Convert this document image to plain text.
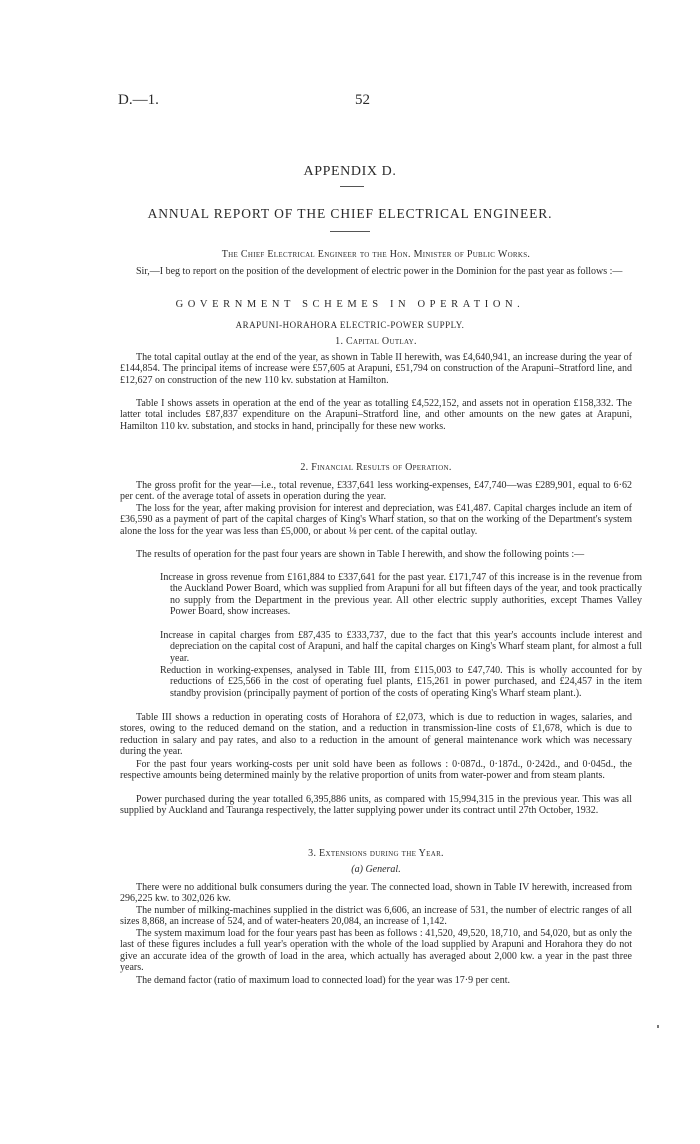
D.—1.	52
APPENDIX D.
ANNUAL REPORT OF THE CHIEF ELECTRICAL ENGINEER.

The Chief Electrical Engineer to the Hon. Minister of Public Works.

Sir,—I beg to report on the position of the development of electric power in the Dominion for the past year as follows :—

GOVERNMENT SCHEMES IN OPERATION.
ARAPUNI-HORAHORA ELECTRIC-POWER SUPPLY.

1. Capital Outlay.

The total capital outlay at the end of the year, as shown in Table II herewith, was £4,640,941, an increase during the year of £144,854. The principal items of increase were £57,605 at Arapuni, £51,794 on construction of the Arapuni–Stratford line, and £12,627 on construction of the new 110 kv. substation at Hamilton.

Table I shows assets in operation at the end of the year as totalling £4,522,152, and assets not in operation £158,332. The latter total includes £87,837 expenditure on the Arapuni–Stratford line, and other amounts on the new gates at Arapuni, Hamilton 110 kv. substation, and stocks in hand, principally for these new works.

2. Financial Results of Operation.

The gross profit for the year—i.e., total revenue, £337,641 less working-expenses, £47,740—was £289,901, equal to 6·62 per cent. of the average total of assets in operation during the year.

The loss for the year, after making provision for interest and depreciation, was £41,487. Capital charges include an item of £36,590 as a payment of part of the capital charges of King's Wharf station, so that on the working of the Department's system alone the loss for the year was less than £5,000, or about ⅛ per cent. of the capital outlay.

The results of operation for the past four years are shown in Table I herewith, and show the following points :—

Increase in gross revenue from £161,884 to £337,641 for the past year. £171,747 of this increase is in the revenue from the Auckland Power Board, which was supplied from Arapuni for all but fifteen days of the year, and took practically no supply from the Department in the previous year. All other electric supply authorities, except Thames Valley Power Board, show increases.

Increase in capital charges from £87,435 to £333,737, due to the fact that this year's accounts include interest and depreciation on the capital cost of Arapuni, and half the capital charges on King's Wharf steam plant, for almost a full year.

Reduction in working-expenses, analysed in Table III, from £115,003 to £47,740. This is wholly accounted for by reductions of £25,566 in the cost of operating fuel plants, £15,261 in power purchased, and £24,457 in the item standby provision (principally payment of portion of the costs of operating King's Wharf steam plant.).

Table III shows a reduction in operating costs of Horahora of £2,073, which is due to reduction in wages, salaries, and stores, owing to the reduced demand on the station, and a reduction in transmission-line costs of £1,678, which is due to reduction in salary and pay rates, and also to a reduction in the amount of general maintenance work which was necessary during the year.

For the past four years working-costs per unit sold have been as follows : 0·087d., 0·187d., 0·242d., and 0·045d., the respective amounts being determined mainly by the relative proportion of units from water-power and from steam plants.

Power purchased during the year totalled 6,395,886 units, as compared with 15,994,315 in the previous year. This was all supplied by Auckland and Tauranga respectively, the latter supplying power under its contract until 27th October, 1932.

3. Extensions during the Year.

(a) General.

There were no additional bulk consumers during the year. The connected load, shown in Table IV herewith, increased from 296,225 kw. to 302,026 kw.

The number of milking-machines supplied in the district was 6,606, an increase of 531, the number of electric ranges of all sizes 8,868, an increase of 524, and of water-heaters 20,084, an increase of 1,142.

The system maximum load for the four years past has been as follows : 41,520, 49,520, 18,710, and 54,020, but as only the last of these figures includes a full year's operation with the whole of the load supplied by Arapuni and Horahora they do not give an accurate idea of the growth of load in the area, which actually has averaged about 2,000 kw. a year in the past three years.

The demand factor (ratio of maximum load to connected load) for the year was 17·9 per cent.
